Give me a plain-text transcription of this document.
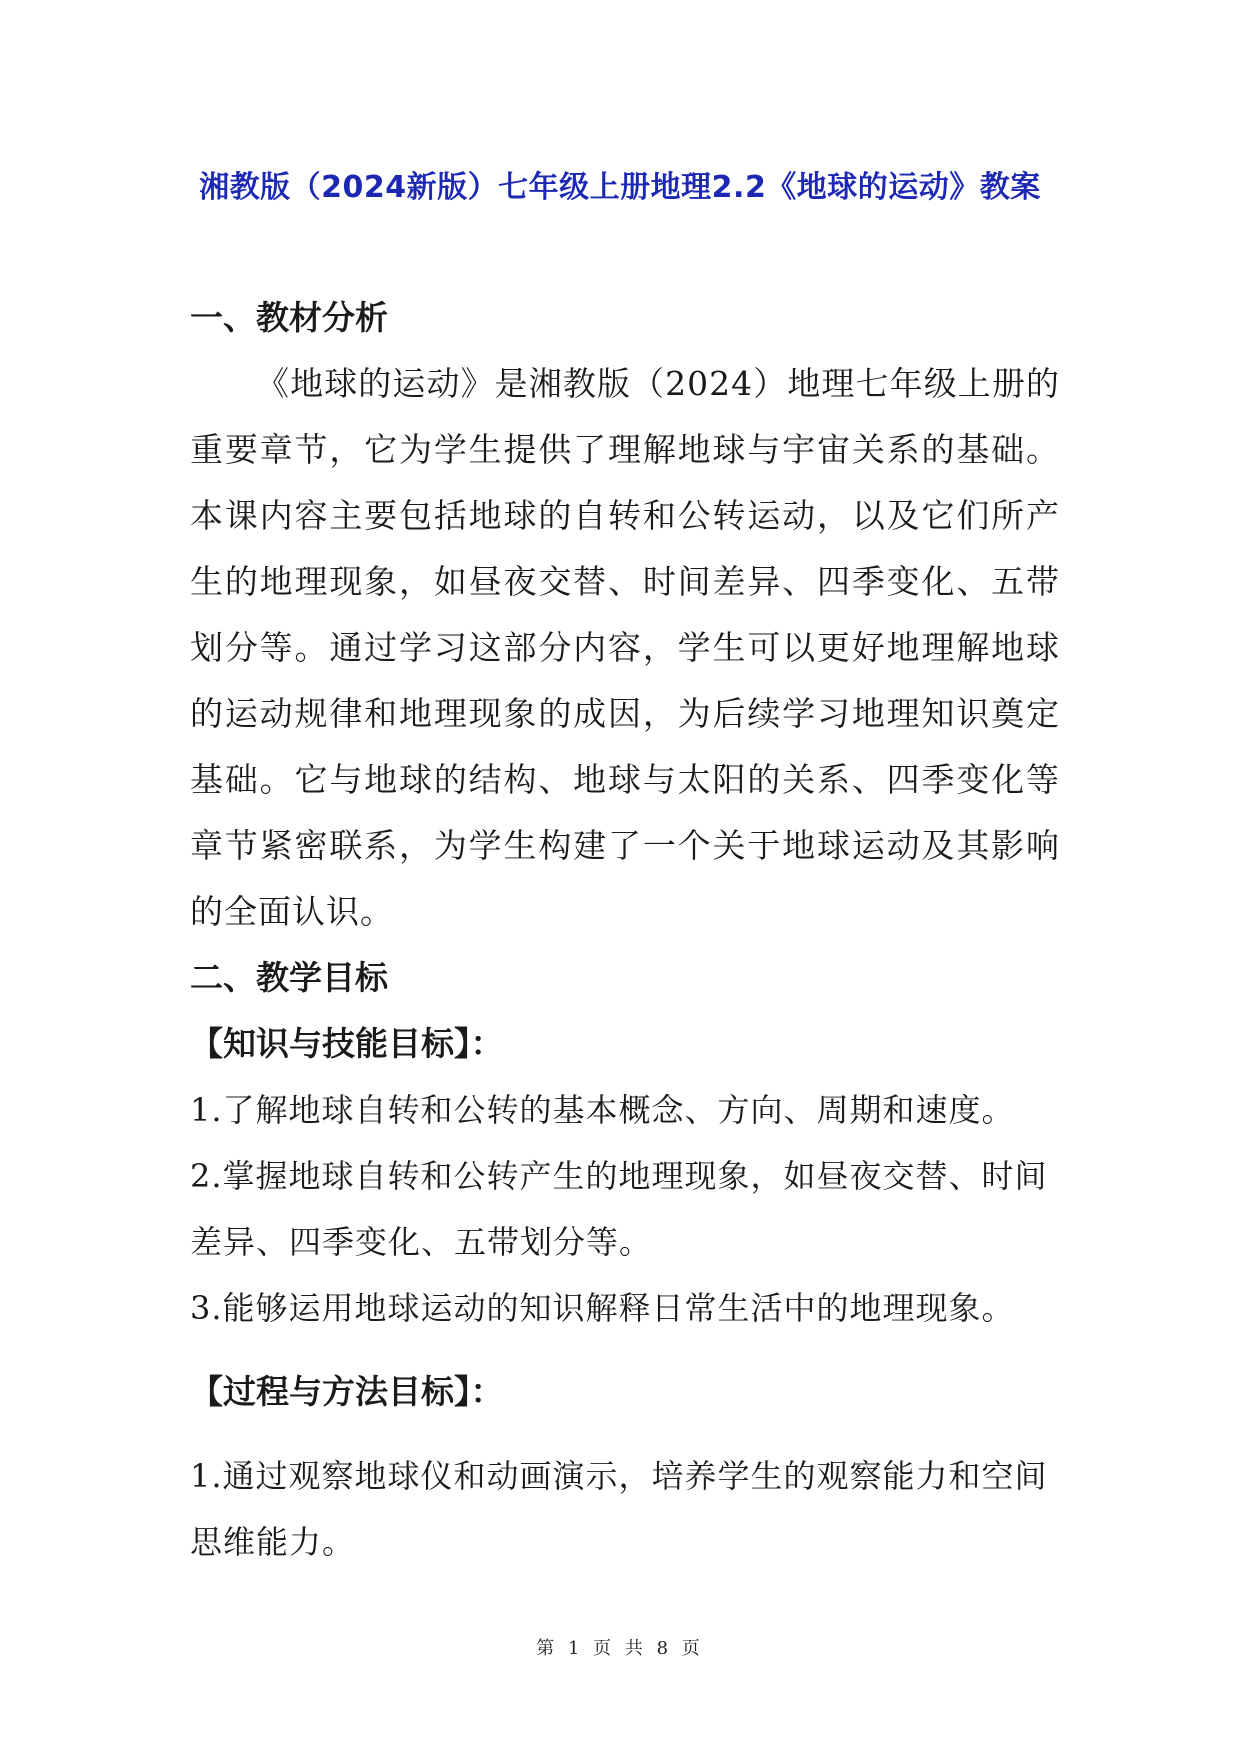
湘教版（2024新版）七年级上册地理2.2《地球的运动》教案
一、教材分析
《地球的运动》是湘教版（2024）地理七年级上册的重要章节，它为学生提供了理解地球与宇宙关系的基础。本课内容主要包括地球的自转和公转运动，以及它们所产生的地理现象，如昼夜交替、时间差异、四季变化、五带划分等。通过学习这部分内容，学生可以更好地理解地球的运动规律和地理现象的成因，为后续学习地理知识奠定基础。它与地球的结构、地球与太阳的关系、四季变化等章节紧密联系，为学生构建了一个关于地球运动及其影响的全面认识。
二、教学目标
【知识与技能目标】：
1.了解地球自转和公转的基本概念、方向、周期和速度。
2.掌握地球自转和公转产生的地理现象，如昼夜交替、时间差异、四季变化、五带划分等。
3.能够运用地球运动的知识解释日常生活中的地理现象。
【过程与方法目标】：
1.通过观察地球仪和动画演示，培养学生的观察能力和空间思维能力。
第 1 页 共 8 页
